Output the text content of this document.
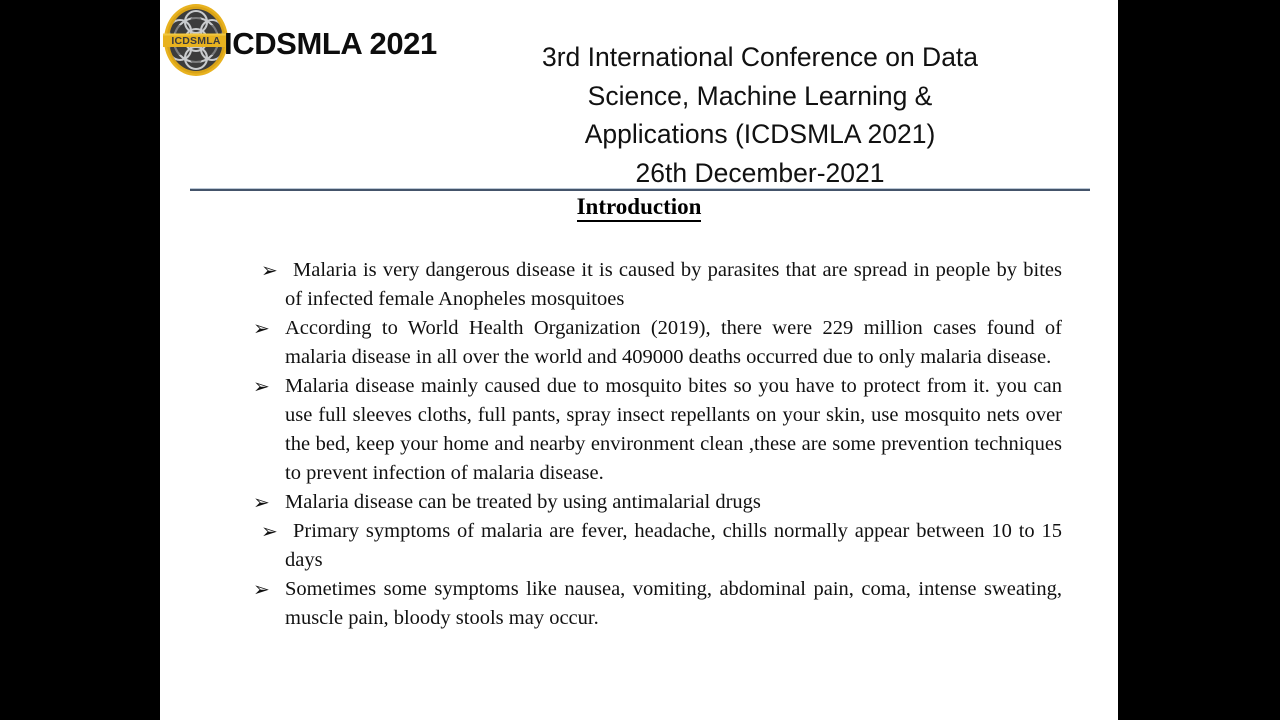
ICDSMLA ICDSMLA 2021	3rd International Conference on Data
Science, Machine Learning &
Applications (ICDSMLA 2021)
26th December-2021
Introduction
➢ Malaria is very dangerous disease it is caused by parasites that are spread in people by bites of infected female Anopheles mosquitoes
➢ According to World Health Organization (2019), there were 229 million cases found of malaria disease in all over the world and 409000 deaths occurred due to only malaria disease.
➢ Malaria disease mainly caused due to mosquito bites so you have to protect from it. you can use full sleeves cloths, full pants, spray insect repellants on your skin, use mosquito nets over the bed, keep your home and nearby environment clean ,these are some prevention techniques to prevent infection of malaria disease.
➢ Malaria disease can be treated by using antimalarial drugs
➢ Primary symptoms of malaria are fever, headache, chills normally appear between 10 to 15 days
➢ Sometimes some symptoms like nausea, vomiting, abdominal pain, coma, intense sweating, muscle pain, bloody stools may occur.
